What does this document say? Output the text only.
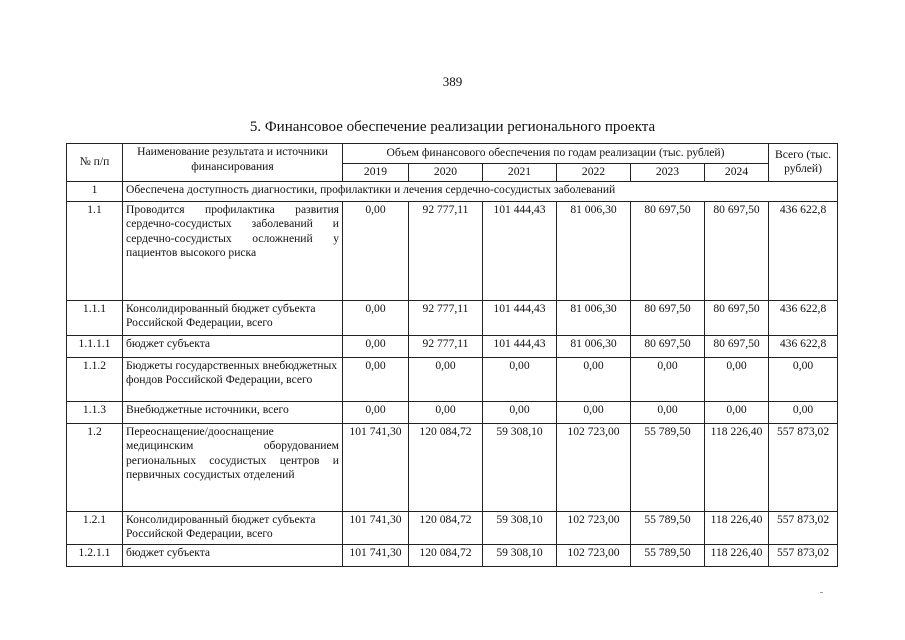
389
5. Финансовое обеспечение реализации регионального проекта
№ п/п	Наименование результата и источники финансирования	Объем финансового обеспечения по годам реализации (тыс. рублей)						Всего (тыс. рублей)
		2019	2020	2021	2022	2023	2024	
1	Обеспечена доступность диагностики, профилактики и лечения сердечно-сосудистых заболеваний							
1.1	Проводится профилактика развития сердечно-сосудистых заболеваний и сердечно-сосудистых осложнений у пациентов высокого риска	0,00	92 777,11	101 444,43	81 006,30	80 697,50	80 697,50	436 622,8
1.1.1	Консолидированный бюджет субъекта Российской Федерации, всего	0,00	92 777,11	101 444,43	81 006,30	80 697,50	80 697,50	436 622,8
1.1.1.1	бюджет субъекта	0,00	92 777,11	101 444,43	81 006,30	80 697,50	80 697,50	436 622,8
1.1.2	Бюджеты государственных внебюджетных фондов Российской Федерации, всего	0,00	0,00	0,00	0,00	0,00	0,00	0,00
1.1.3	Внебюджетные источники, всего	0,00	0,00	0,00	0,00	0,00	0,00	0,00
1.2	Переоснащение/дооснащение медицинским оборудованием региональных сосудистых центров и первичных сосудистых отделений	101 741,30	120 084,72	59 308,10	102 723,00	55 789,50	118 226,40	557 873,02
1.2.1	Консолидированный бюджет субъекта Российской Федерации, всего	101 741,30	120 084,72	59 308,10	102 723,00	55 789,50	118 226,40	557 873,02
1.2.1.1	бюджет субъекта	101 741,30	120 084,72	59 308,10	102 723,00	55 789,50	118 226,40	557 873,02
